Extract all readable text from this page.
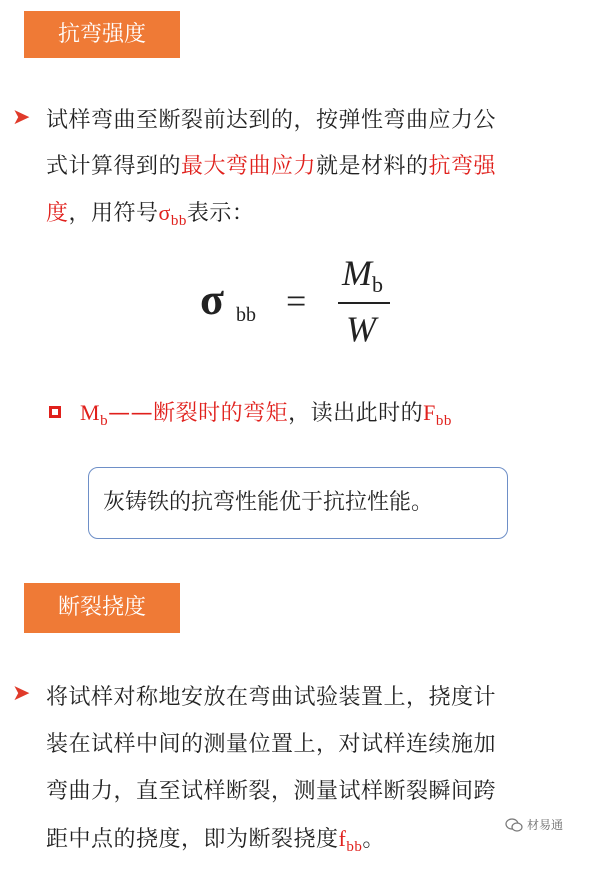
抗弯强度
➤ 试样弯曲至断裂前达到的，按弹性弯曲应力公
式计算得到的最大弯曲应力就是材料的抗弯强
度，用符号$\sigma_{bb}$表示：
σ bb =
M b
W
$M_b——$断裂时的弯矩，读出此时的$F_{bb}$
灰铸铁的抗弯性能优于抗拉性能。
断裂挠度
➤ 将试样对称地安放在弯曲试验装置上，挠度计
装在试样中间的测量位置上，对试样连续施加
弯曲力，直至试样断裂，测量试样断裂瞬间跨
距中点的挠度，即为断裂挠度$f_{bb}$。
材易通
